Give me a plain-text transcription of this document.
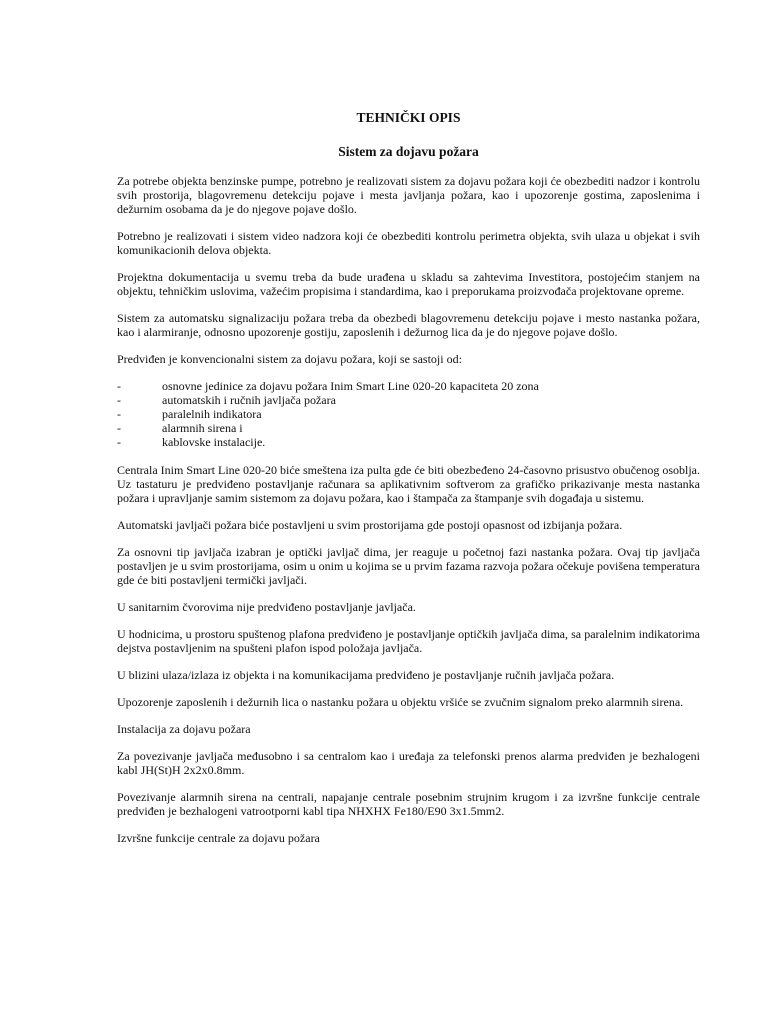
TEHNIČKI OPIS

Sistem za dojavu požara

Za potrebe objekta benzinske pumpe, potrebno je realizovati sistem za dojavu požara koji će obezbediti nadzor i kontrolu svih prostorija, blagovremenu detekciju pojave i mesta javljanja požara, kao i upozorenje gostima, zaposlenima i dežurnim osobama da je do njegove pojave došlo.

Potrebno je realizovati i sistem video nadzora koji će obezbediti kontrolu perimetra objekta, svih ulaza u objekat i svih komunikacionih delova objekta.

Projektna dokumentacija u svemu treba da bude urađena u skladu sa zahtevima Investitora, postojećim stanjem na objektu, tehničkim uslovima, važećim propisima i standardima, kao i preporukama proizvođača projektovane opreme.

Sistem za automatsku signalizaciju požara treba da obezbedi blagovremenu detekciju pojave i mesto nastanka požara, kao i alarmiranje, odnosno upozorenje gostiju, zaposlenih i dežurnog lica da je do njegove pojave došlo.

Predviđen je konvencionalni sistem za dojavu požara, koji se sastoji od:

-	osnovne jedinice za dojavu požara Inim Smart Line 020-20 kapaciteta 20 zona
-	automatskih i ručnih javljača požara
-	paralelnih indikatora
-	alarmnih sirena i
-	kablovske instalacije.

Centrala Inim Smart Line 020-20 biće smeštena iza pulta gde će biti obezbeđeno 24-časovno prisustvo obučenog osoblja. Uz tastaturu je predviđeno postavljanje računara sa aplikativnim softverom za grafičko prikazivanje mesta nastanka požara i upravljanje samim sistemom za dojavu požara, kao i štampača za štampanje svih događaja u sistemu.

Automatski javljači požara biće postavljeni u svim prostorijama gde postoji opasnost od izbijanja požara.

Za osnovni tip javljača izabran je optički javljač dima, jer reaguje u početnoj fazi nastanka požara. Ovaj tip javljača postavljen je u svim prostorijama, osim u onim u kojima se u prvim fazama razvoja požara očekuje povišena temperatura gde će biti postavljeni termički javljači.

U sanitarnim čvorovima nije predviđeno postavljanje javljača.

U hodnicima, u prostoru spuštenog plafona predviđeno je postavljanje optičkih javljača dima, sa paralelnim indikatorima dejstva postavljenim na spušteni plafon ispod položaja javljača.

U blizini ulaza/izlaza iz objekta i na komunikacijama predviđeno je postavljanje ručnih javljača požara.

Upozorenje zaposlenih i dežurnih lica o nastanku požara u objektu vršiće se zvučnim signalom preko alarmnih sirena.

Instalacija za dojavu požara

Za povezivanje javljača međusobno i sa centralom kao i uređaja za telefonski prenos alarma predviđen je bezhalogeni kabl JH(St)H 2x2x0.8mm.

Povezivanje alarmnih sirena na centrali, napajanje centrale posebnim strujnim krugom i za izvršne funkcije centrale predviđen je bezhalogeni vatrootporni kabl tipa NHXHX Fe180/E90 3x1.5mm2.

Izvršne funkcije centrale za dojavu požara
